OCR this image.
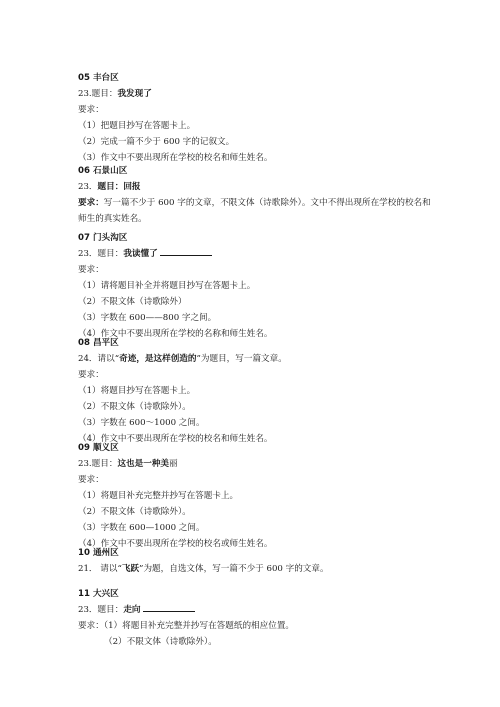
05 丰台区
23.题目：我发现了
要求：
（1）把题目抄写在答题卡上。
（2）完成一篇不少于 600 字的记叙文。
（3）作文中不要出现所在学校的校名和师生姓名。
06 石景山区
23．题目：回报
要求：写一篇不少于 600 字的文章，不限文体（诗歌除外）。文中不得出现所在学校的校名和师生的真实姓名。
07 门头沟区
23．题目：我读懂了
要求：
（1）请将题目补全并将题目抄写在答题卡上。
（2）不限文体（诗歌除外）
（3）字数在 600——800 字之间。
（4）作文中不要出现所在学校的名称和师生姓名。
08 昌平区
24．请以“奇迹，是这样创造的”为题目，写一篇文章。
要求：
（1）将题目抄写在答题卡上。
（2）不限文体（诗歌除外）。
（3）字数在 600～1000 之间。
（4）作文中不要出现所在学校的校名和师生姓名。
09 顺义区
23.题目：这也是一种美丽
要求：
（1）将题目补充完整并抄写在答题卡上。
（2）不限文体（诗歌除外）。
（3）字数在 600—1000 之间。
（4）作文中不要出现所在学校的校名或师生姓名。
10 通州区
21． 请以“飞跃”为题，自选文体，写一篇不少于 600 字的文章。
11 大兴区
23．题目：走向
要求：（1）将题目补充完整并抄写在答题纸的相应位置。
（2）不限文体（诗歌除外）。
